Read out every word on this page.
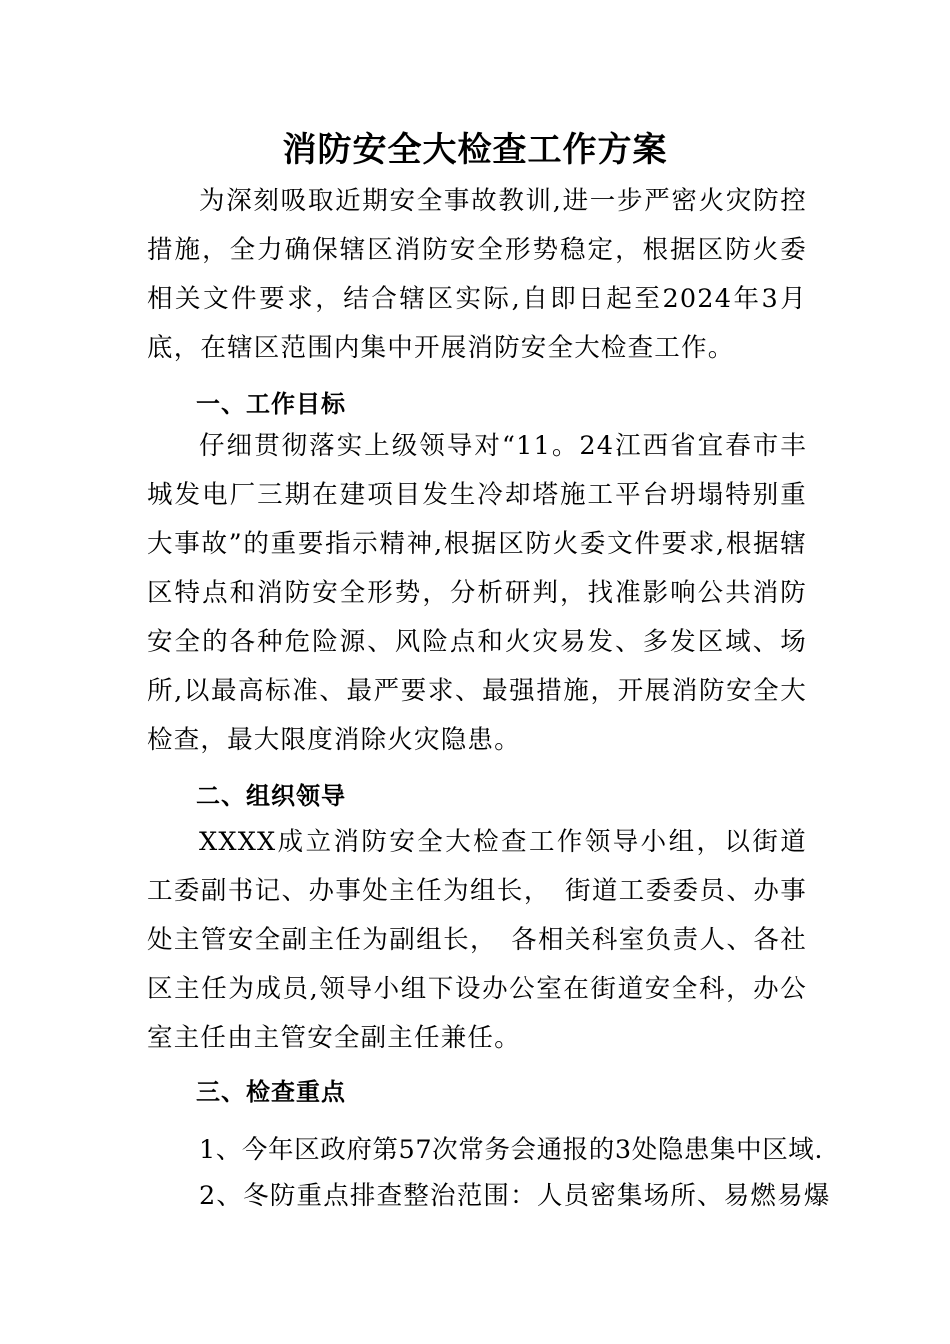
消防安全大检查工作方案

为深刻吸取近期安全事故教训,进一步严密火灾防控措施，全力确保辖区消防安全形势稳定，根据区防火委相关文件要求，结合辖区实际,自即日起至2024年3月底，在辖区范围内集中开展消防安全大检查工作。

一、工作目标

仔细贯彻落实上级领导对“11。24江西省宜春市丰城发电厂三期在建项目发生冷却塔施工平台坍塌特别重大事故”的重要指示精神,根据区防火委文件要求,根据辖区特点和消防安全形势，分析研判，找准影响公共消防安全的各种危险源、风险点和火灾易发、多发区域、场所,以最高标准、最严要求、最强措施，开展消防安全大检查，最大限度消除火灾隐患。

二、组织领导

XXXX成立消防安全大检查工作领导小组，以街道工委副书记、办事处主任为组长，　街道工委委员、办事处主管安全副主任为副组长，　各相关科室负责人、各社区主任为成员,领导小组下设办公室在街道安全科，办公室主任由主管安全副主任兼任。

三、检查重点

1、今年区政府第57次常务会通报的3处隐患集中区域.

2、冬防重点排查整治范围：人员密集场所、易燃易爆
